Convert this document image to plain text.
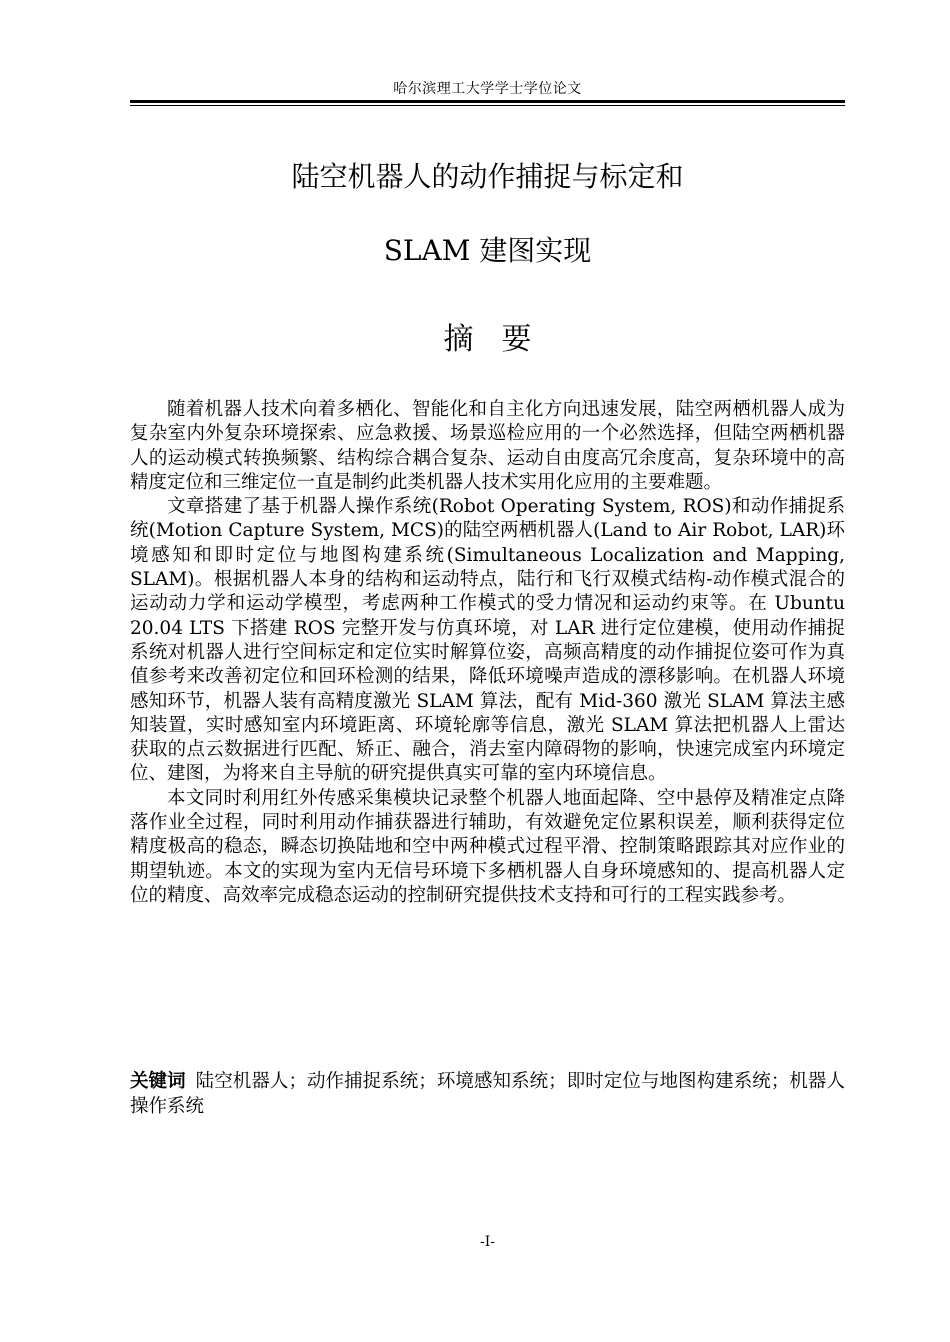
哈尔滨理工大学学士学位论文
陆空机器人的动作捕捉与标定和
SLAM 建图实现
摘要

随着机器人技术向着多栖化、智能化和自主化方向迅速发展，陆空两栖机器人成为复杂室内外复杂环境探索、应急救援、场景巡检应用的一个必然选择，但陆空两栖机器人的运动模式转换频繁、结构综合耦合复杂、运动自由度高冗余度高，复杂环境中的高精度定位和三维定位一直是制约此类机器人技术实用化应用的主要难题。

文章搭建了基于机器人操作系统(Robot Operating System, ROS)和动作捕捉系统(Motion Capture System, MCS)的陆空两栖机器人(Land to Air Robot, LAR)环境感知和即时定位与地图构建系统(Simultaneous Localization and Mapping, SLAM)。根据机器人本身的结构和运动特点，陆行和飞行双模式结构-动作模式混合的运动动力学和运动学模型，考虑两种工作模式的受力情况和运动约束等。在 Ubuntu 20.04 LTS 下搭建 ROS 完整开发与仿真环境，对 LAR 进行定位建模，使用动作捕捉系统对机器人进行空间标定和定位实时解算位姿，高频高精度的动作捕捉位姿可作为真值参考来改善初定位和回环检测的结果，降低环境噪声造成的漂移影响。在机器人环境感知环节，机器人装有高精度激光 SLAM 算法，配有 Mid-360 激光 SLAM 算法主感知装置，实时感知室内环境距离、环境轮廓等信息，激光 SLAM 算法把机器人上雷达获取的点云数据进行匹配、矫正、融合，消去室内障碍物的影响，快速完成室内环境定位、建图，为将来自主导航的研究提供真实可靠的室内环境信息。

本文同时利用红外传感采集模块记录整个机器人地面起降、空中悬停及精准定点降落作业全过程，同时利用动作捕获器进行辅助，有效避免定位累积误差，顺利获得定位精度极高的稳态，瞬态切换陆地和空中两种模式过程平滑、控制策略跟踪其对应作业的期望轨迹。本文的实现为室内无信号环境下多栖机器人自身环境感知的、提高机器人定位的精度、高效率完成稳态运动的控制研究提供技术支持和可行的工程实践参考。

关键词 陆空机器人；动作捕捉系统；环境感知系统；即时定位与地图构建系统；机器人操作系统
-I-
